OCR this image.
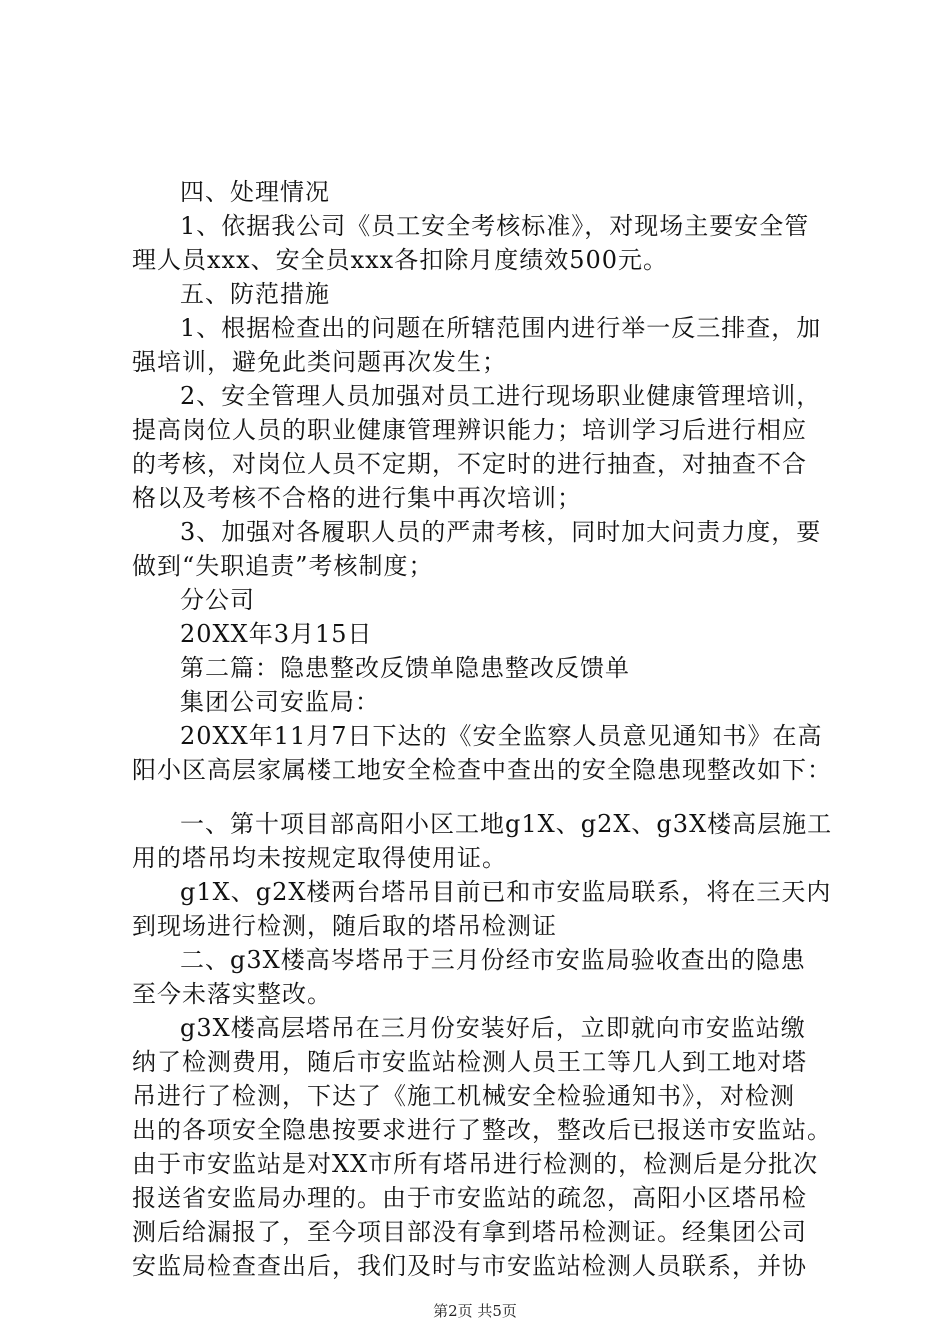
四、处理情况
1、依据我公司《员工安全考核标准》，对现场主要安全管
理人员xxx、安全员xxx各扣除月度绩效500元。
五、防范措施
1、根据检查出的问题在所辖范围内进行举一反三排查，加
强培训，避免此类问题再次发生；
2、安全管理人员加强对员工进行现场职业健康管理培训，
提高岗位人员的职业健康管理辨识能力；培训学习后进行相应
的考核，对岗位人员不定期，不定时的进行抽查，对抽查不合
格以及考核不合格的进行集中再次培训；
3、加强对各履职人员的严肃考核，同时加大问责力度，要
做到“失职追责”考核制度；
分公司
20XX年3月15日
第二篇：隐患整改反馈单隐患整改反馈单
集团公司安监局：
20XX年11月7日下达的《安全监察人员意见通知书》在高
阳小区高层家属楼工地安全检查中查出的安全隐患现整改如下：
一、第十项目部高阳小区工地g1X、g2X、g3X楼高层施工
用的塔吊均未按规定取得使用证。
g1X、g2X楼两台塔吊目前已和市安监局联系，将在三天内
到现场进行检测，随后取的塔吊检测证
二、g3X楼高岑塔吊于三月份经市安监局验收查出的隐患
至今未落实整改。
g3X楼高层塔吊在三月份安装好后，立即就向市安监站缴
纳了检测费用，随后市安监站检测人员王工等几人到工地对塔
吊进行了检测，下达了《施工机械安全检验通知书》，对检测
出的各项安全隐患按要求进行了整改，整改后已报送市安监站。
由于市安监站是对XX市所有塔吊进行检测的，检测后是分批次
报送省安监局办理的。由于市安监站的疏忽，高阳小区塔吊检
测后给漏报了，至今项目部没有拿到塔吊检测证。经集团公司
安监局检查查出后，我们及时与市安监站检测人员联系，并协
第2页 共5页
